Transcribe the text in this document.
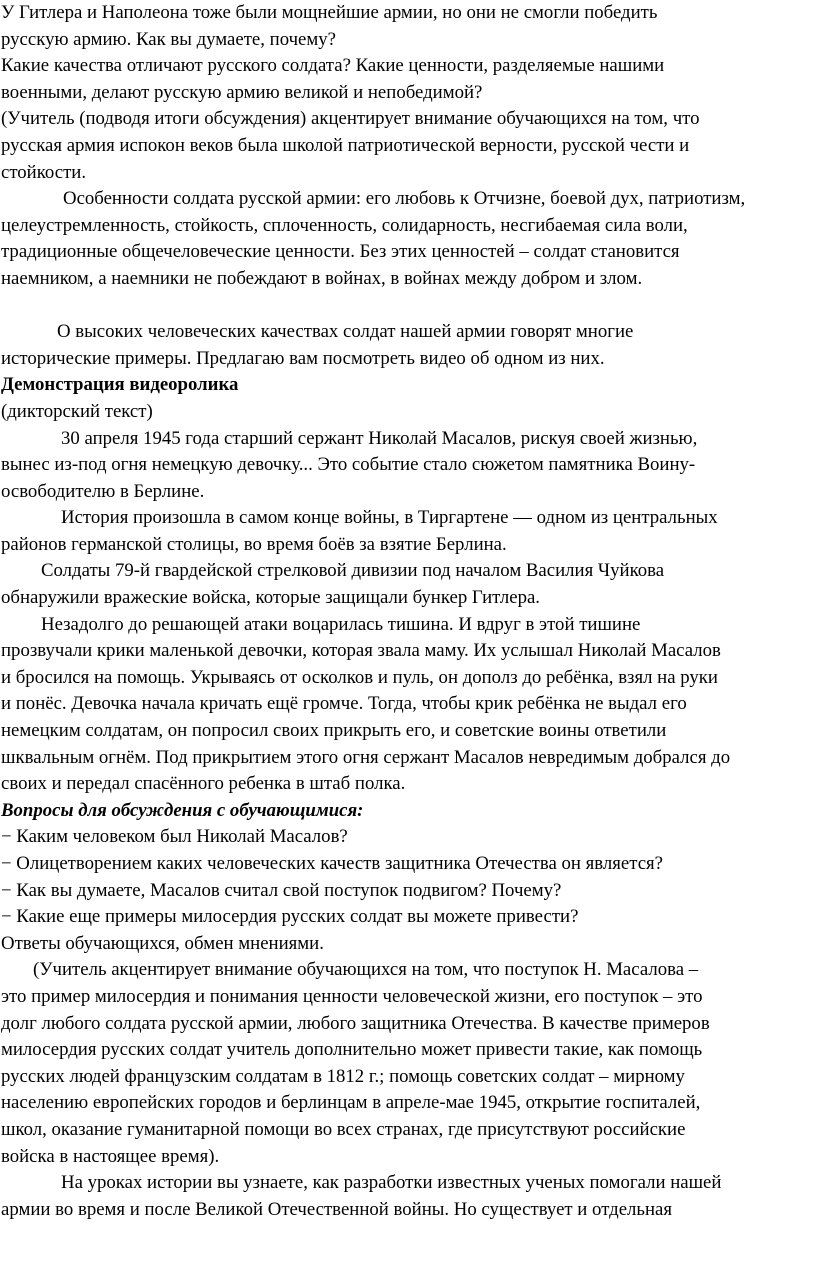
У Гитлера и Наполеона тоже были мощнейшие армии, но они не смогли победить
русскую армию. Как вы думаете, почему?
Какие качества отличают русского солдата? Какие ценности, разделяемые нашими
военными, делают русскую армию великой и непобедимой?
(Учитель (подводя итоги обсуждения) акцентирует внимание обучающихся на том, что
русская армия испокон веков была школой патриотической верности, русской чести и
стойкости.
Особенности солдата русской армии: его любовь к Отчизне, боевой дух, патриотизм,
целеустремленность, стойкость, сплоченность, солидарность, несгибаемая сила воли,
традиционные общечеловеческие ценности. Без этих ценностей – солдат становится
наемником, а наемники не побеждают в войнах, в войнах между добром и злом.
О высоких человеческих качествах солдат нашей армии говорят многие
исторические примеры. Предлагаю вам посмотреть видео об одном из них.
Демонстрация видеоролика
(дикторский текст)
30 апреля 1945 года старший сержант Николай Масалов, рискуя своей жизнью,
вынес из-под огня немецкую девочку... Это событие стало сюжетом памятника Воину-
освободителю в Берлине.
История произошла в самом конце войны, в Тиргартене — одном из центральных
районов германской столицы, во время боёв за взятие Берлина.
Солдаты 79-й гвардейской стрелковой дивизии под началом Василия Чуйкова
обнаружили вражеские войска, которые защищали бункер Гитлера.
Незадолго до решающей атаки воцарилась тишина. И вдруг в этой тишине
прозвучали крики маленькой девочки, которая звала маму. Их услышал Николай Масалов
и бросился на помощь. Укрываясь от осколков и пуль, он дополз до ребёнка, взял на руки
и понёс. Девочка начала кричать ещё громче. Тогда, чтобы крик ребёнка не выдал его
немецким солдатам, он попросил своих прикрыть его, и советские воины ответили
шквальным огнём. Под прикрытием этого огня сержант Масалов невредимым добрался до
своих и передал спасённого ребенка в штаб полка.
Вопросы для обсуждения с обучающимися:
− Каким человеком был Николай Масалов?
− Олицетворением каких человеческих качеств защитника Отечества он является?
− Как вы думаете, Масалов считал свой поступок подвигом? Почему?
− Какие еще примеры милосердия русских солдат вы можете привести?
Ответы обучающихся, обмен мнениями.
(Учитель акцентирует внимание обучающихся на том, что поступок Н. Масалова –
это пример милосердия и понимания ценности человеческой жизни, его поступок – это
долг любого солдата русской армии, любого защитника Отечества. В качестве примеров
милосердия русских солдат учитель дополнительно может привести такие, как помощь
русских людей французским солдатам в 1812 г.; помощь советских солдат – мирному
населению европейских городов и берлинцам в апреле-мае 1945, открытие госпиталей,
школ, оказание гуманитарной помощи во всех странах, где присутствуют российские
войска в настоящее время).
На уроках истории вы узнаете, как разработки известных ученых помогали нашей
армии во время и после Великой Отечественной войны. Но существует и отдельная
